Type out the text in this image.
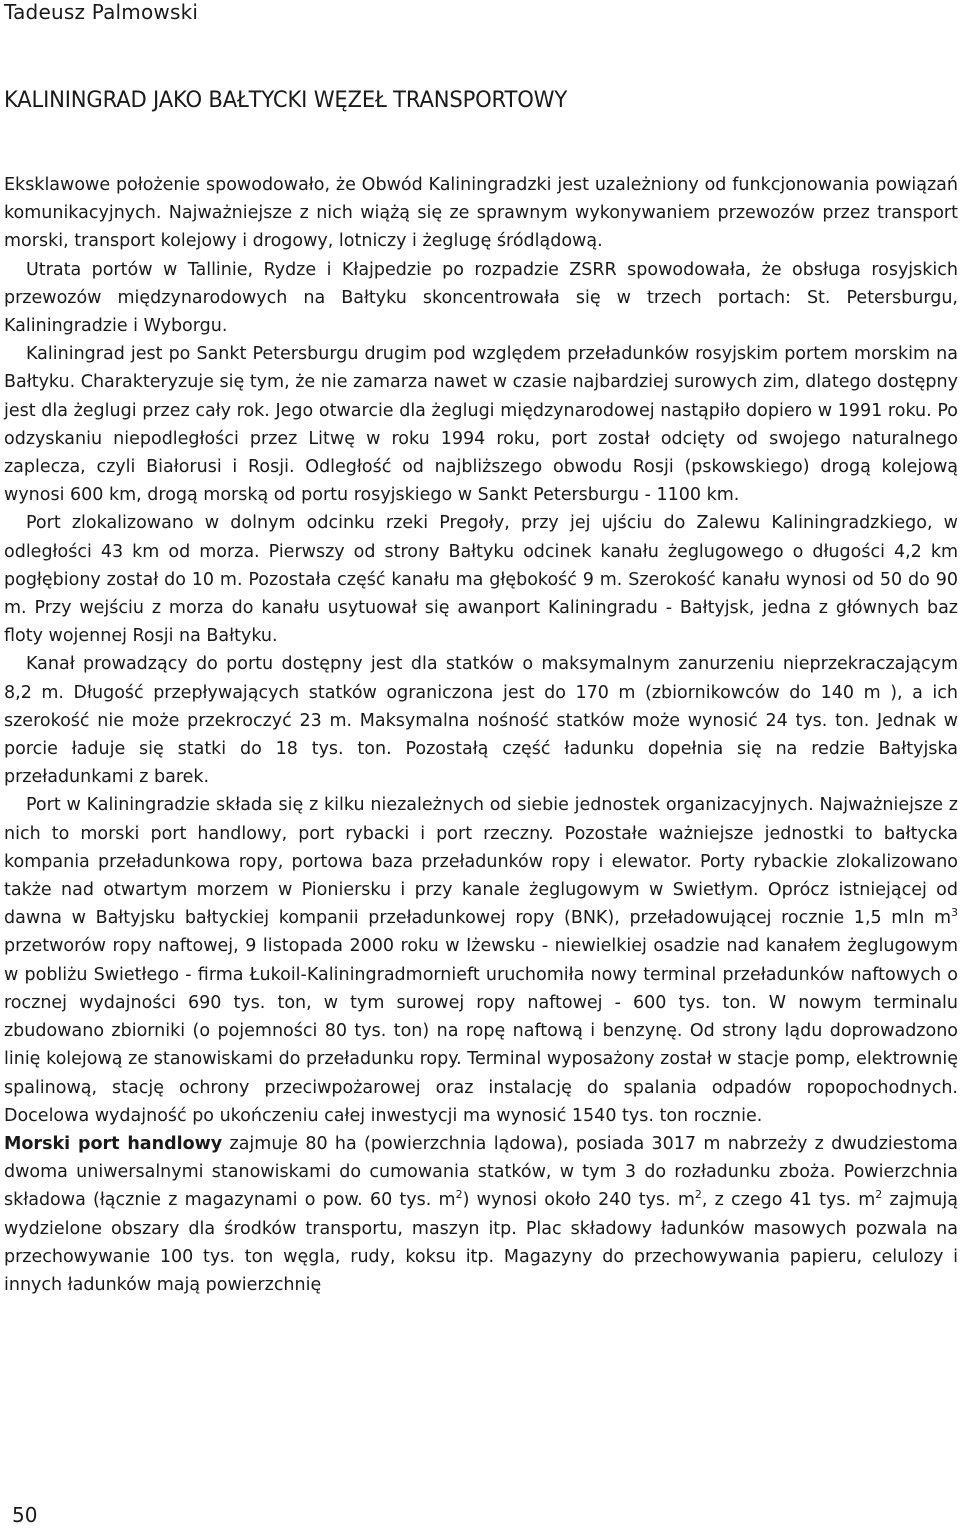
Tadeusz Palmowski
KALININGRAD JAKO BAŁTYCKI WĘZEŁ TRANSPORTOWY

Eksklawowe położenie spowodowało, że Obwód Kaliningradzki jest uzależniony od funkcjonowania powiązań komunikacyjnych. Najważniejsze z nich wiążą się ze sprawnym wykonywaniem przewozów przez transport morski, transport kolejowy i drogowy, lotniczy i żeglugę śródlądową.

Utrata portów w Tallinie, Rydze i Kłajpedzie po rozpadzie ZSRR spowodowała, że obsługa rosyjskich przewozów międzynarodowych na Bałtyku skoncentrowała się w trzech portach: St. Petersburgu, Kaliningradzie i Wyborgu.

Kaliningrad jest po Sankt Petersburgu drugim pod względem przeładunków rosyjskim portem morskim na Bałtyku. Charakteryzuje się tym, że nie zamarza nawet w czasie najbardziej surowych zim, dlatego dostępny jest dla żeglugi przez cały rok. Jego otwarcie dla żeglugi międzynarodowej nastąpiło dopiero w 1991 roku. Po odzyskaniu niepodległości przez Litwę w roku 1994 roku, port został odcięty od swojego naturalnego zaplecza, czyli Białorusi i Rosji. Odległość od najbliższego obwodu Rosji (pskowskiego) drogą kolejową wynosi 600 km, drogą morską od portu rosyjskiego w Sankt Petersburgu - 1100 km.

Port zlokalizowano w dolnym odcinku rzeki Pregoły, przy jej ujściu do Zalewu Kaliningradzkiego, w odległości 43 km od morza. Pierwszy od strony Bałtyku odcinek kanału żeglugowego o długości 4,2 km pogłębiony został do 10 m. Pozostała część kanału ma głębokość 9 m. Szerokość kanału wynosi od 50 do 90 m. Przy wejściu z morza do kanału usytuował się awanport Kaliningradu - Bałtyjsk, jedna z głównych baz floty wojennej Rosji na Bałtyku.

Kanał prowadzący do portu dostępny jest dla statków o maksymalnym zanurzeniu nieprzekraczającym 8,2 m. Długość przepływających statków ograniczona jest do 170 m (zbiornikowców do 140 m ), a ich szerokość nie może przekroczyć 23 m. Maksymalna nośność statków może wynosić 24 tys. ton. Jednak w porcie ładuje się statki do 18 tys. ton. Pozostałą część ładunku dopełnia się na redzie Bałtyjska przeładunkami z barek.

Port w Kaliningradzie składa się z kilku niezależnych od siebie jednostek organizacyjnych. Najważniejsze z nich to morski port handlowy, port rybacki i port rzeczny. Pozostałe ważniejsze jednostki to bałtycka kompania przeładunkowa ropy, portowa baza przeładunków ropy i elewator. Porty rybackie zlokalizowano także nad otwartym morzem w Pioniersku i przy kanale żeglugowym w Swietłym. Oprócz istniejącej od dawna w Bałtyjsku bałtyckiej kompanii przeładunkowej ropy (BNK), przeładowującej rocznie 1,5 mln $m^3$ przetworów ropy naftowej, 9 listopada 2000 roku w Iżewsku - niewielkiej osadzie nad kanałem żeglugowym w pobliżu Swietłego - firma Łukoil-Kaliningradmornieft uruchomiła nowy terminal przeładunków naftowych o rocznej wydajności 690 tys. ton, w tym surowej ropy naftowej - 600 tys. ton. W nowym terminalu zbudowano zbiorniki (o pojemności 80 tys. ton) na ropę naftową i benzynę. Od strony lądu doprowadzono linię kolejową ze stanowiskami do przeładunku ropy. Terminal wyposażony został w stacje pomp, elektrownię spalinową, stację ochrony przeciwpożarowej oraz instalację do spalania odpadów ropopochodnych. Docelowa wydajność po ukończeniu całej inwestycji ma wynosić 1540 tys. ton rocznie.

Morski port handlowy zajmuje 80 ha (powierzchnia lądowa), posiada 3017 m nabrzeży z dwudziestoma dwoma uniwersalnymi stanowiskami do cumowania statków, w tym 3 do rozładunku zboża. Powierzchnia składowa (łącznie z magazynami o pow. 60 tys. $m^2$) wynosi około 240 tys. $m^2$, z czego 41 tys. $m^2$ zajmują wydzielone obszary dla środków transportu, maszyn itp. Plac składowy ładunków masowych pozwala na przechowywanie 100 tys. ton węgla, rudy, koksu itp. Magazyny do przechowywania papieru, celulozy i innych ładunków mają powierzchnię

50
